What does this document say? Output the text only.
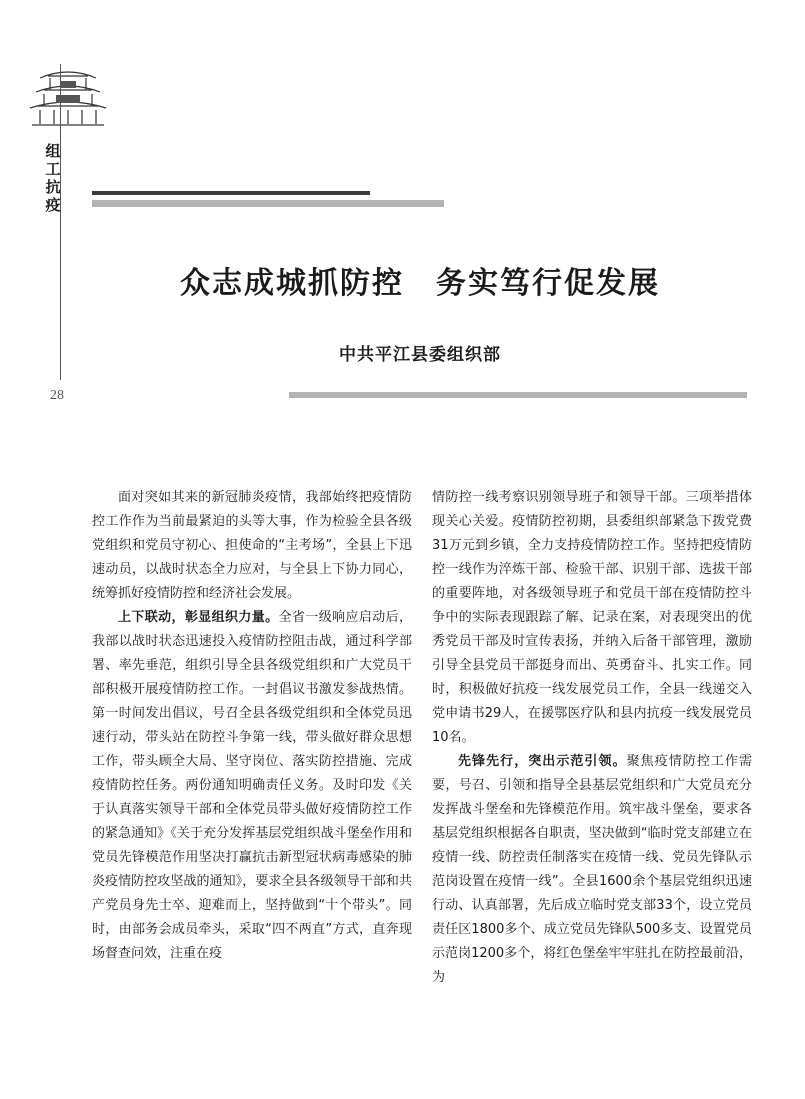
组工抗疫
28
众志成城抓防控　务实笃行促发展
中共平江县委组织部

面对突如其来的新冠肺炎疫情，我部始终把疫情防控工作作为当前最紧迫的头等大事，作为检验全县各级党组织和党员守初心、担使命的“主考场”，全县上下迅速动员，以战时状态全力应对，与全县上下协力同心，统筹抓好疫情防控和经济社会发展。

上下联动，彰显组织力量。全省一级响应启动后，我部以战时状态迅速投入疫情防控阻击战，通过科学部署、率先垂范，组织引导全县各级党组织和广大党员干部积极开展疫情防控工作。一封倡议书激发参战热情。第一时间发出倡议，号召全县各级党组织和全体党员迅速行动，带头站在防控斗争第一线，带头做好群众思想工作，带头顾全大局、坚守岗位、落实防控措施、完成疫情防控任务。两份通知明确责任义务。及时印发《关于认真落实领导干部和全体党员带头做好疫情防控工作的紧急通知》《关于充分发挥基层党组织战斗堡垒作用和党员先锋模范作用坚决打赢抗击新型冠状病毒感染的肺炎疫情防控攻坚战的通知》，要求全县各级领导干部和共产党员身先士卒、迎难而上，坚持做到“十个带头”。同时，由部务会成员牵头，采取“四不两直”方式，直奔现场督查问效，注重在疫

情防控一线考察识别领导班子和领导干部。三项举措体现关心关爱。疫情防控初期，县委组织部紧急下拨党费31万元到乡镇，全力支持疫情防控工作。坚持把疫情防控一线作为淬炼干部、检验干部、识别干部、选拔干部的重要阵地，对各级领导班子和党员干部在疫情防控斗争中的实际表现跟踪了解、记录在案，对表现突出的优秀党员干部及时宣传表扬，并纳入后备干部管理，激励引导全县党员干部挺身而出、英勇奋斗、扎实工作。同时，积极做好抗疫一线发展党员工作，全县一线递交入党申请书29人，在援鄂医疗队和县内抗疫一线发展党员10名。

先锋先行，突出示范引领。聚焦疫情防控工作需要，号召、引领和指导全县基层党组织和广大党员充分发挥战斗堡垒和先锋模范作用。筑牢战斗堡垒，要求各基层党组织根据各自职责，坚决做到“临时党支部建立在疫情一线、防控责任制落实在疫情一线、党员先锋队示范岗设置在疫情一线”。全县1600余个基层党组织迅速行动、认真部署，先后成立临时党支部33个，设立党员责任区1800多个、成立党员先锋队500多支、设置党员示范岗1200多个，将红色堡垒牢牢驻扎在防控最前沿，为
